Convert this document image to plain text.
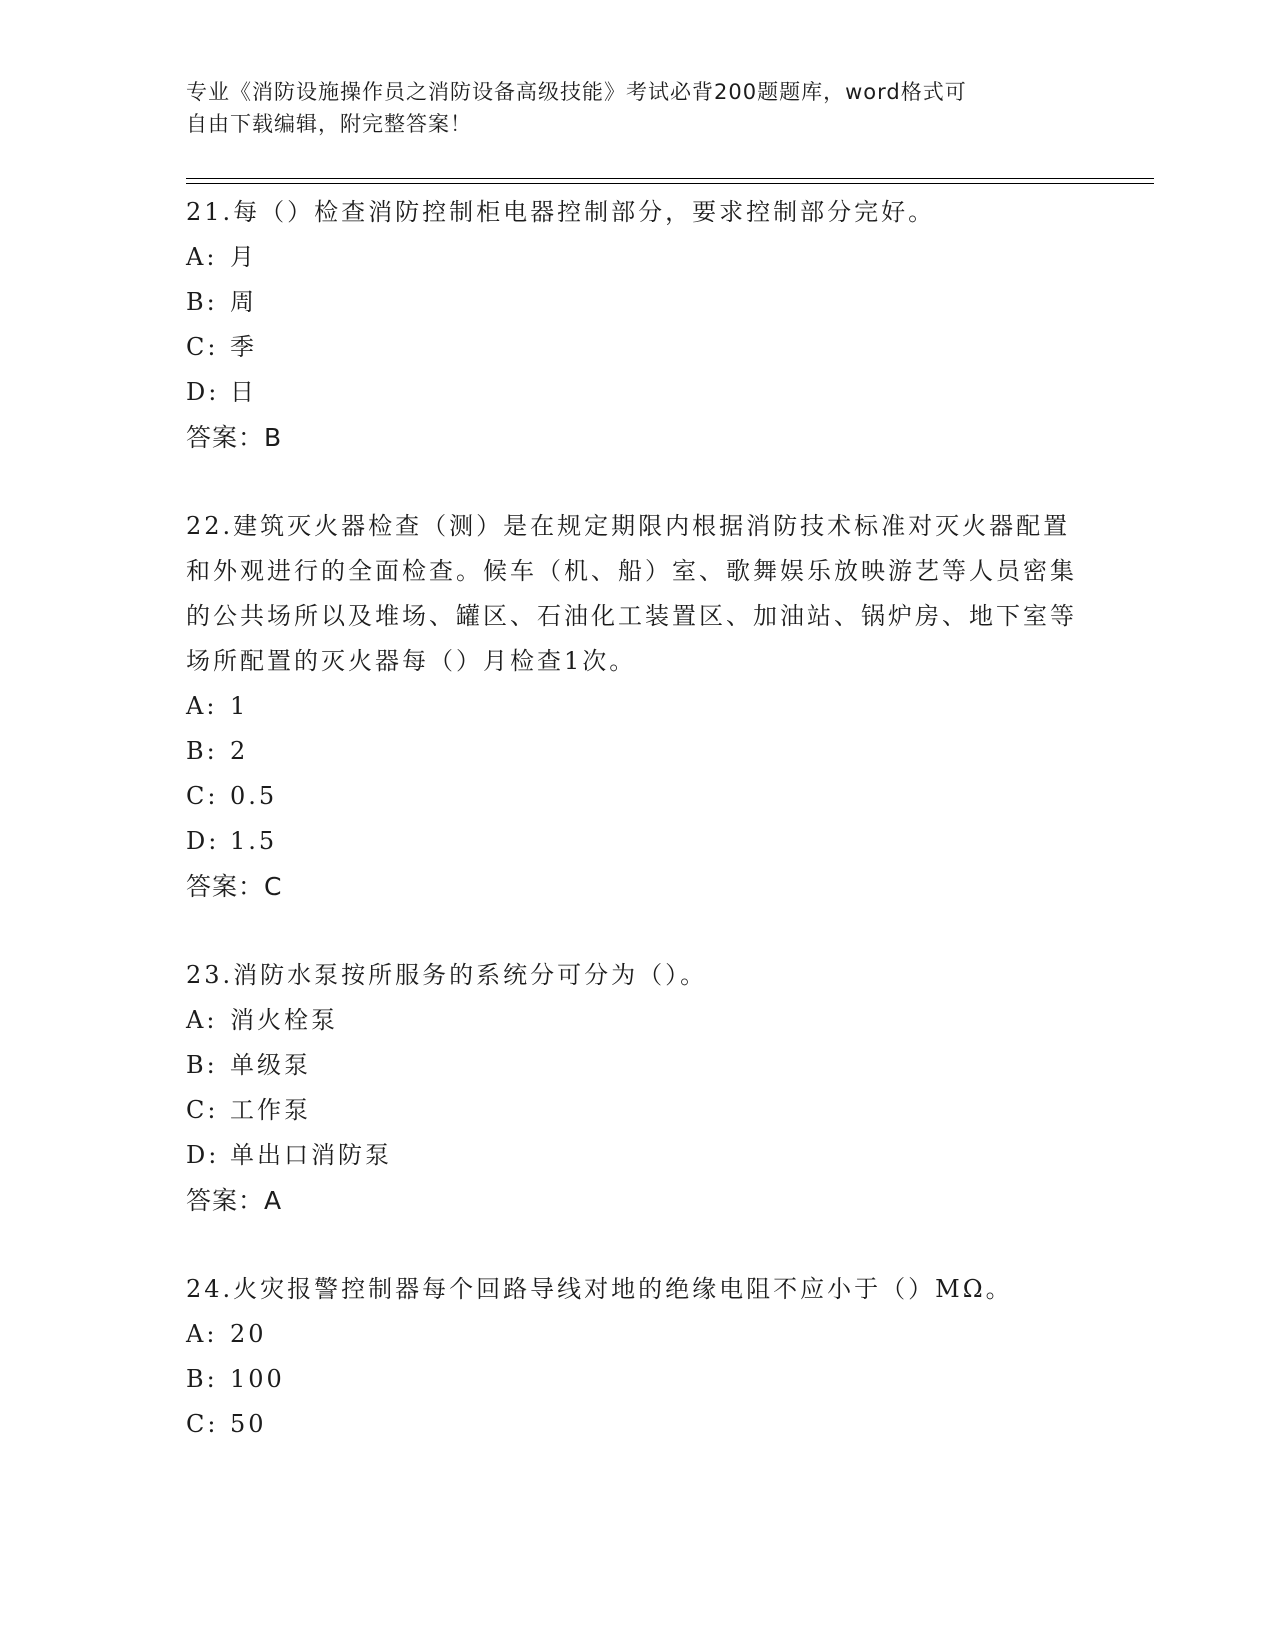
专业《消防设施操作员之消防设备高级技能》考试必背200题题库，word格式可
自由下载编辑，附完整答案！
21.每（）检查消防控制柜电器控制部分，要求控制部分完好。
A: 月
B: 周
C: 季
D: 日
答案：B
22.建筑灭火器检查（测）是在规定期限内根据消防技术标准对灭火器配置和外观进行的全面检查。候车（机、船）室、歌舞娱乐放映游艺等人员密集的公共场所以及堆场、罐区、石油化工装置区、加油站、锅炉房、地下室等场所配置的灭火器每（）月检查1次。
A: 1
B: 2
C: 0.5
D: 1.5
答案：C
23.消防水泵按所服务的系统分可分为（）。
A: 消火栓泵
B: 单级泵
C: 工作泵
D: 单出口消防泵
答案：A
24.火灾报警控制器每个回路导线对地的绝缘电阻不应小于（）MΩ。
A: 20
B: 100
C: 50
